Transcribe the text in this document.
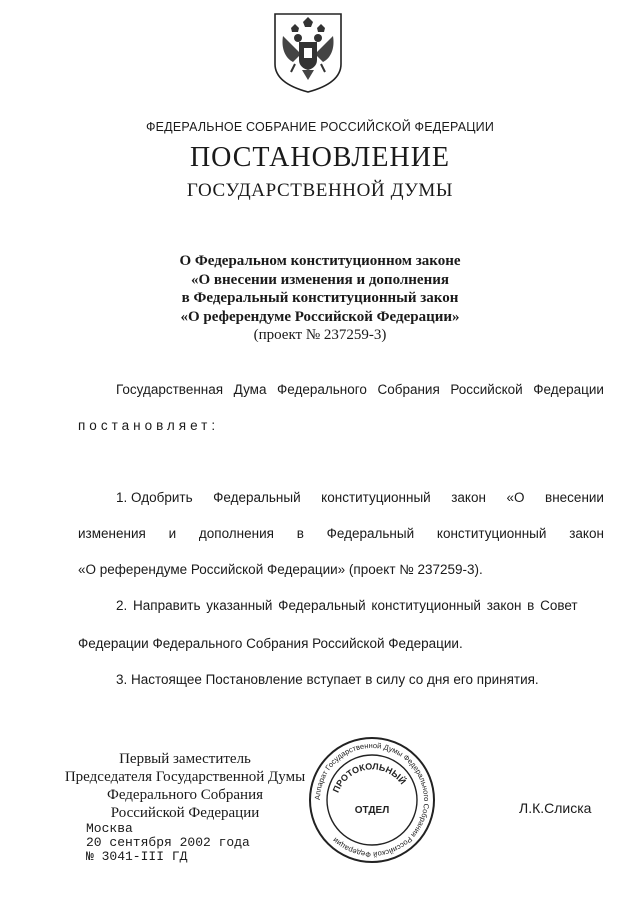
ФЕДЕРАЛЬНОЕ СОБРАНИЕ РОССИЙСКОЙ ФЕДЕРАЦИИ
ПОСТАНОВЛЕНИЕ
ГОСУДАРСТВЕННОЙ ДУМЫ
О Федеральном конституционном законе
«О внесении изменения и дополнения
в Федеральный конституционный закон
«О референдуме Российской Федерации»
(проект № 237259-3)
Государственная Дума Федерального Собрания Российской Федерации
постановляет:
1. Одобрить Федеральный конституционный закон «О внесении
изменения и дополнения в Федеральный конституционный закон
«О референдуме Российской Федерации» (проект № 237259-3).
2. Направить указанный Федеральный конституционный закон в Совет
Федерации Федерального Собрания Российской Федерации.
3. Настоящее Постановление вступает в силу со дня его принятия.
Первый заместитель
Председателя Государственной Думы
Федерального Собрания
Российской Федерации	Л.К.Слиска
Аппарат Государственной Думы Федерального Собрания Российской Федерации
ПРОТОКОЛЬНЫЙ
ОТДЕЛ
Москва
20 сентября 2002 года
№ 3041-III ГД
